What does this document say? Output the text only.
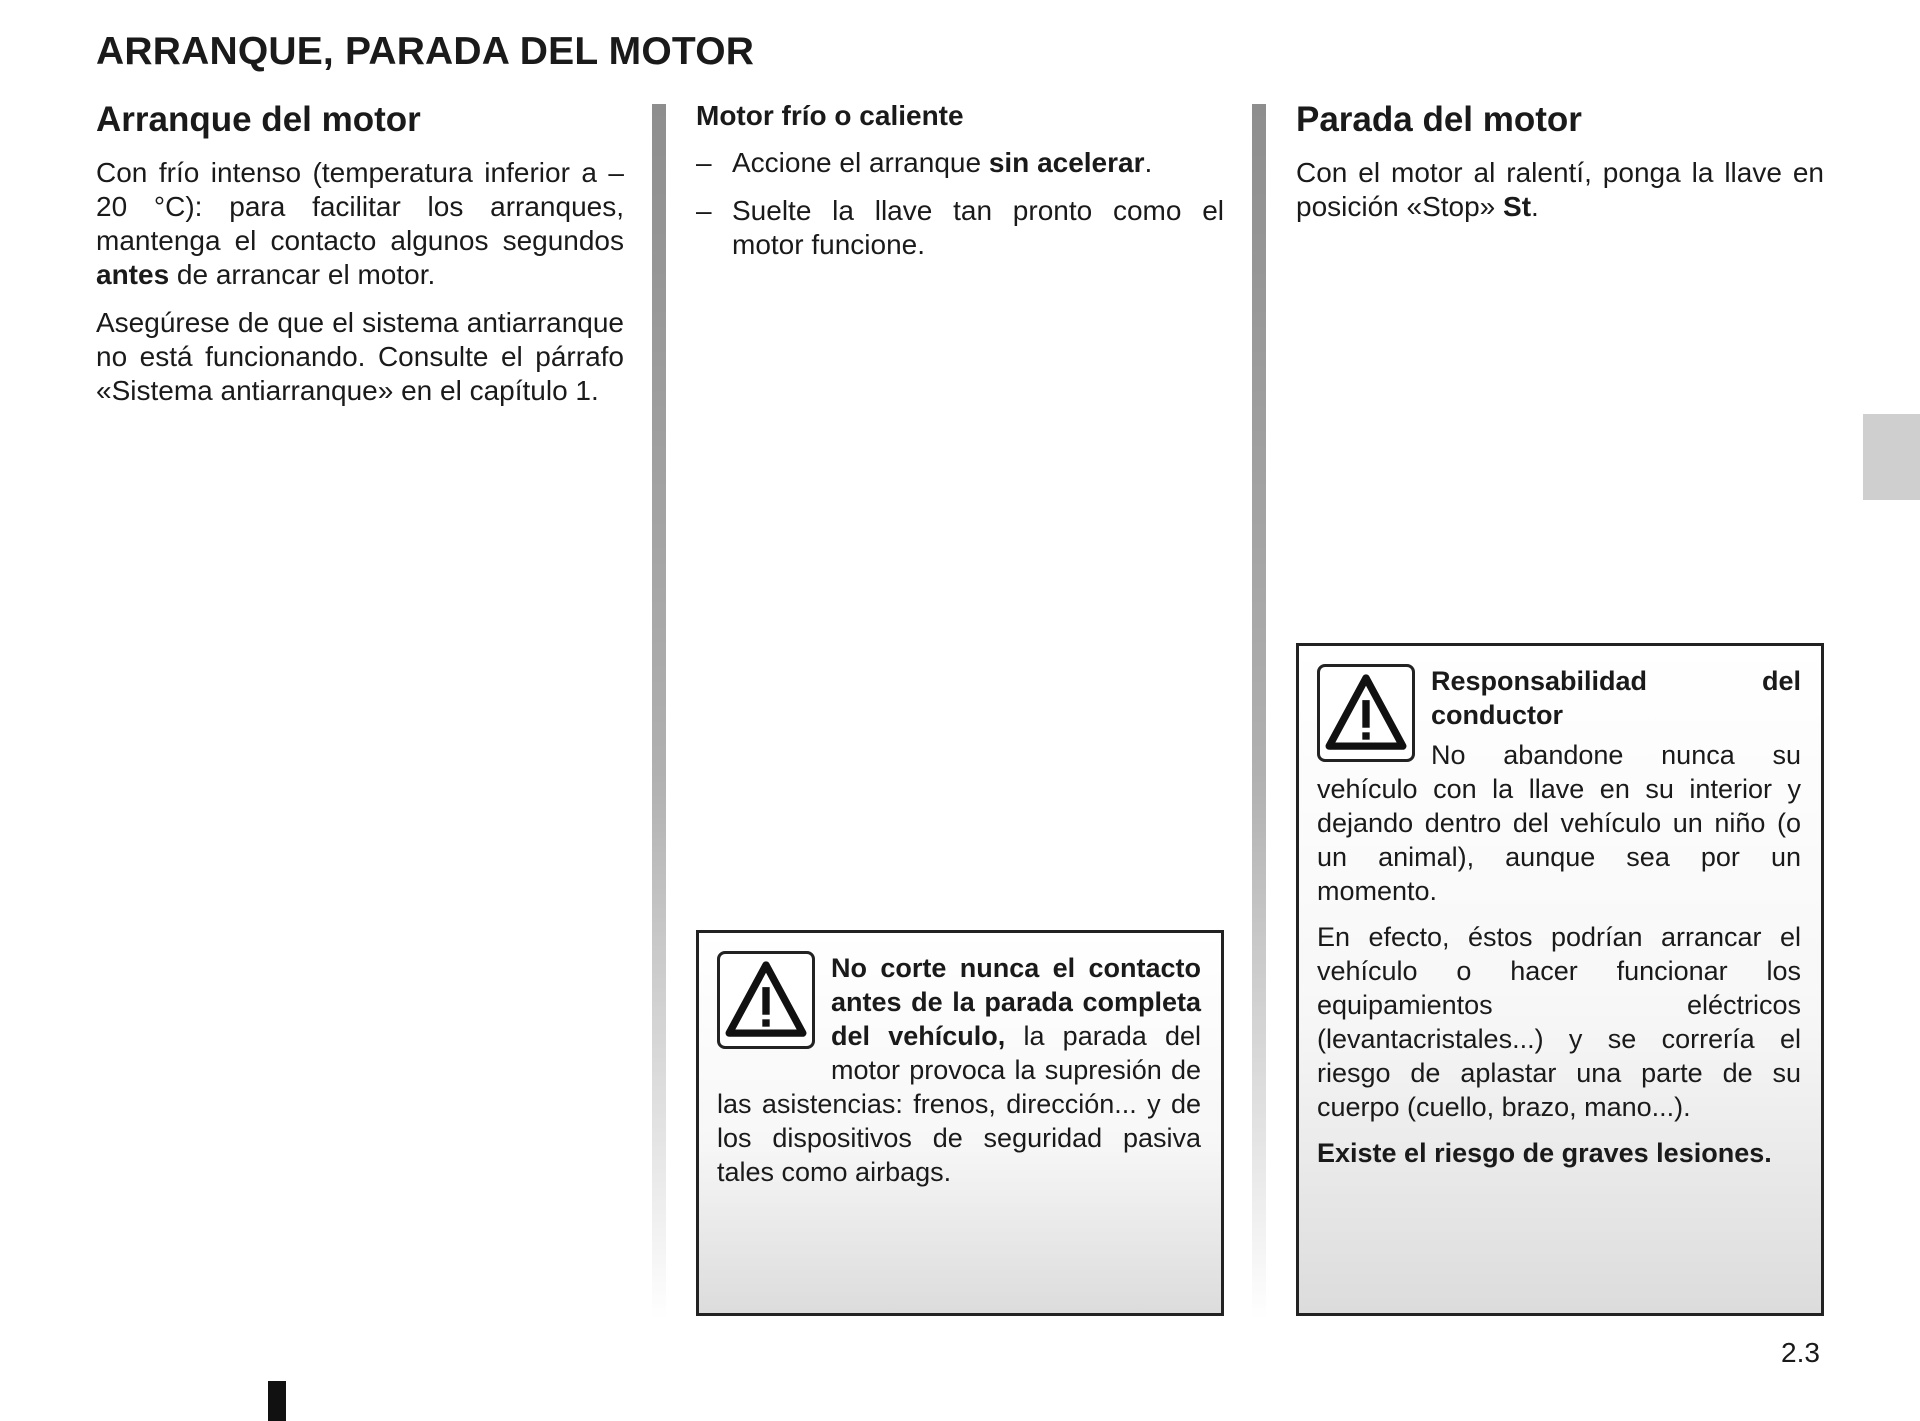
ARRANQUE, PARADA DEL MOTOR
Arranque del motor

Con frío intenso (temperatura inferior a –20 °C): para facilitar los arranques, mantenga el contacto algunos segundos antes de arrancar el motor.

Asegúrese de que el sistema antiarranque no está funcionando. Consulte el párrafo «Sistema antiarranque» en el capítulo 1.

Motor frío o caliente
– Accione el arranque sin acelerar.
– Suelte la llave tan pronto como el motor funcione.

No corte nunca el contacto antes de la parada completa del vehículo, la parada del motor provoca la supresión de las asistencias: frenos, dirección... y de los dispositivos de seguridad pasiva tales como airbags.

Parada del motor

Con el motor al ralentí, ponga la llave en posición «Stop» St.

Responsabilidad del conductor

No abandone nunca su vehículo con la llave en su interior y dejando dentro del vehículo un niño (o un animal), aunque sea por un momento.

En efecto, éstos podrían arrancar el vehículo o hacer funcionar los equipamientos eléctricos (levantacristales...) y se correría el riesgo de aplastar una parte de su cuerpo (cuello, brazo, mano...).

Existe el riesgo de graves lesiones.

2.3
